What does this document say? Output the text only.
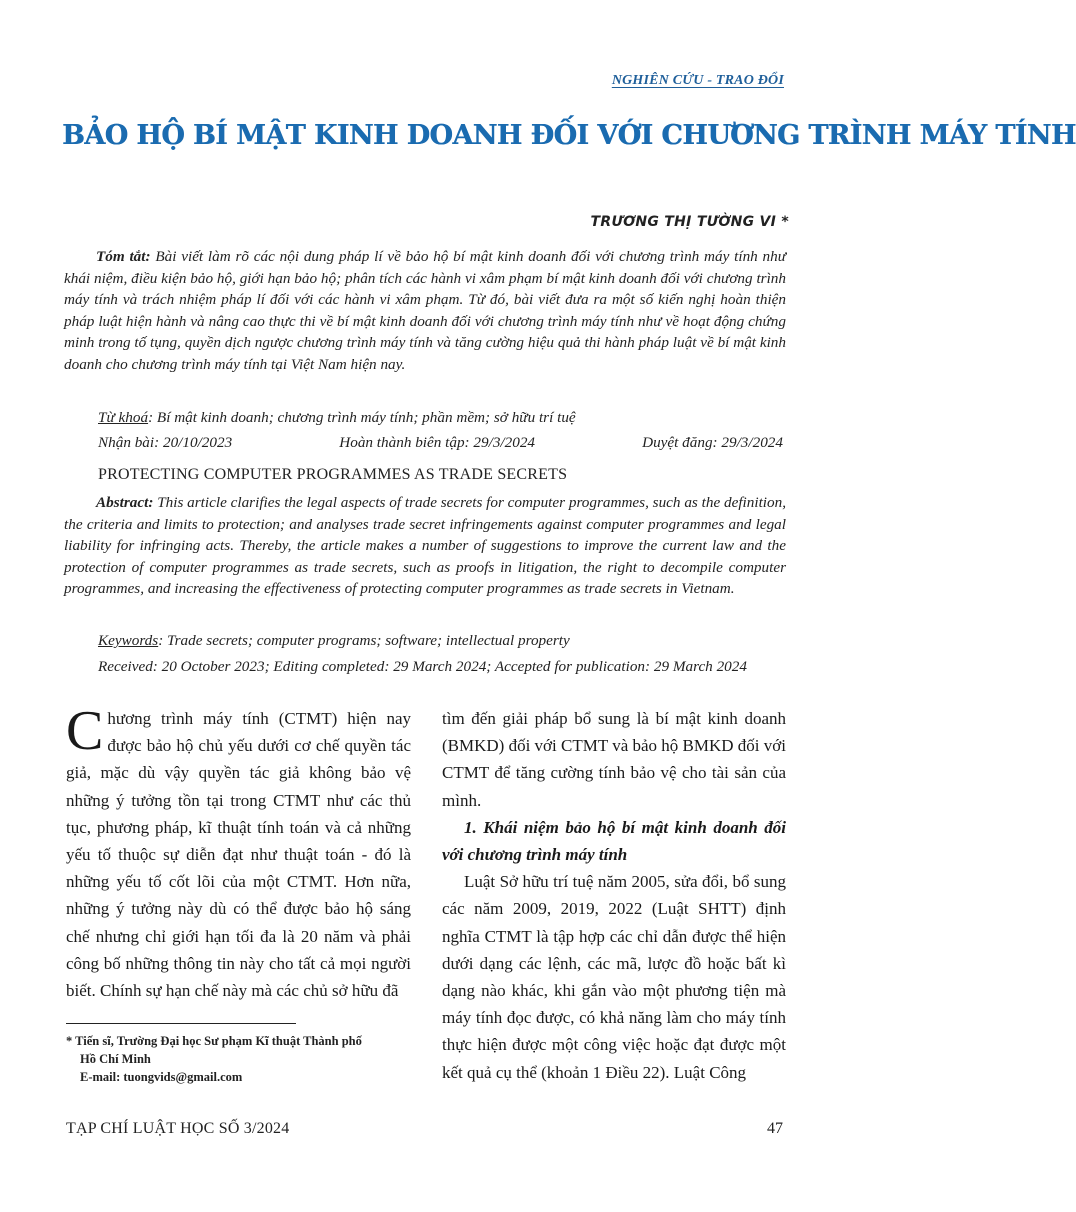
NGHIÊN CỨU - TRAO ĐỔI
BẢO HỘ BÍ MẬT KINH DOANH ĐỐI VỚI CHƯƠNG TRÌNH MÁY TÍNH
TRƯƠNG THỊ TƯỜNG VI *
Tóm tắt: Bài viết làm rõ các nội dung pháp lí về bảo hộ bí mật kinh doanh đối với chương trình máy tính như khái niệm, điều kiện bảo hộ, giới hạn bảo hộ; phân tích các hành vi xâm phạm bí mật kinh doanh đối với chương trình máy tính và trách nhiệm pháp lí đối với các hành vi xâm phạm. Từ đó, bài viết đưa ra một số kiến nghị hoàn thiện pháp luật hiện hành và nâng cao thực thi về bí mật kinh doanh đối với chương trình máy tính như về hoạt động chứng minh trong tố tụng, quyền dịch ngược chương trình máy tính và tăng cường hiệu quả thi hành pháp luật về bí mật kinh doanh cho chương trình máy tính tại Việt Nam hiện nay.
Từ khoá: Bí mật kinh doanh; chương trình máy tính; phần mềm; sở hữu trí tuệ
Nhận bài: 20/10/2023	Hoàn thành biên tập: 29/3/2024	Duyệt đăng: 29/3/2024
PROTECTING COMPUTER PROGRAMMES AS TRADE SECRETS
Abstract: This article clarifies the legal aspects of trade secrets for computer programmes, such as the definition, the criteria and limits to protection; and analyses trade secret infringements against computer programmes and legal liability for infringing acts. Thereby, the article makes a number of suggestions to improve the current law and the protection of computer programmes as trade secrets, such as proofs in litigation, the right to decompile computer programmes, and increasing the effectiveness of protecting computer programmes as trade secrets in Vietnam.
Keywords: Trade secrets; computer programs; software; intellectual property
Received: 20 October 2023; Editing completed: 29 March 2024; Accepted for publication: 29 March 2024
Chương trình máy tính (CTMT) hiện nay được bảo hộ chủ yếu dưới cơ chế quyền tác giả, mặc dù vậy quyền tác giả không bảo vệ những ý tưởng tồn tại trong CTMT như các thủ tục, phương pháp, kĩ thuật tính toán và cả những yếu tố thuộc sự diễn đạt như thuật toán - đó là những yếu tố cốt lõi của một CTMT. Hơn nữa, những ý tưởng này dù có thể được bảo hộ sáng chế nhưng chỉ giới hạn tối đa là 20 năm và phải công bố những thông tin này cho tất cả mọi người biết. Chính sự hạn chế này mà các chủ sở hữu đã
tìm đến giải pháp bổ sung là bí mật kinh doanh (BMKD) đối với CTMT và bảo hộ BMKD đối với CTMT để tăng cường tính bảo vệ cho tài sản của mình.
1. Khái niệm bảo hộ bí mật kinh doanh đối với chương trình máy tính
Luật Sở hữu trí tuệ năm 2005, sửa đổi, bổ sung các năm 2009, 2019, 2022 (Luật SHTT) định nghĩa CTMT là tập hợp các chỉ dẫn được thể hiện dưới dạng các lệnh, các mã, lược đồ hoặc bất kì dạng nào khác, khi gắn vào một phương tiện mà máy tính đọc được, có khả năng làm cho máy tính thực hiện được một công việc hoặc đạt được một kết quả cụ thể (khoản 1 Điều 22). Luật Công
* Tiến sĩ, Trường Đại học Sư phạm Kĩ thuật Thành phố
Hồ Chí Minh
E-mail: tuongvids@gmail.com
TẠP CHÍ LUẬT HỌC SỐ 3/2024	47
